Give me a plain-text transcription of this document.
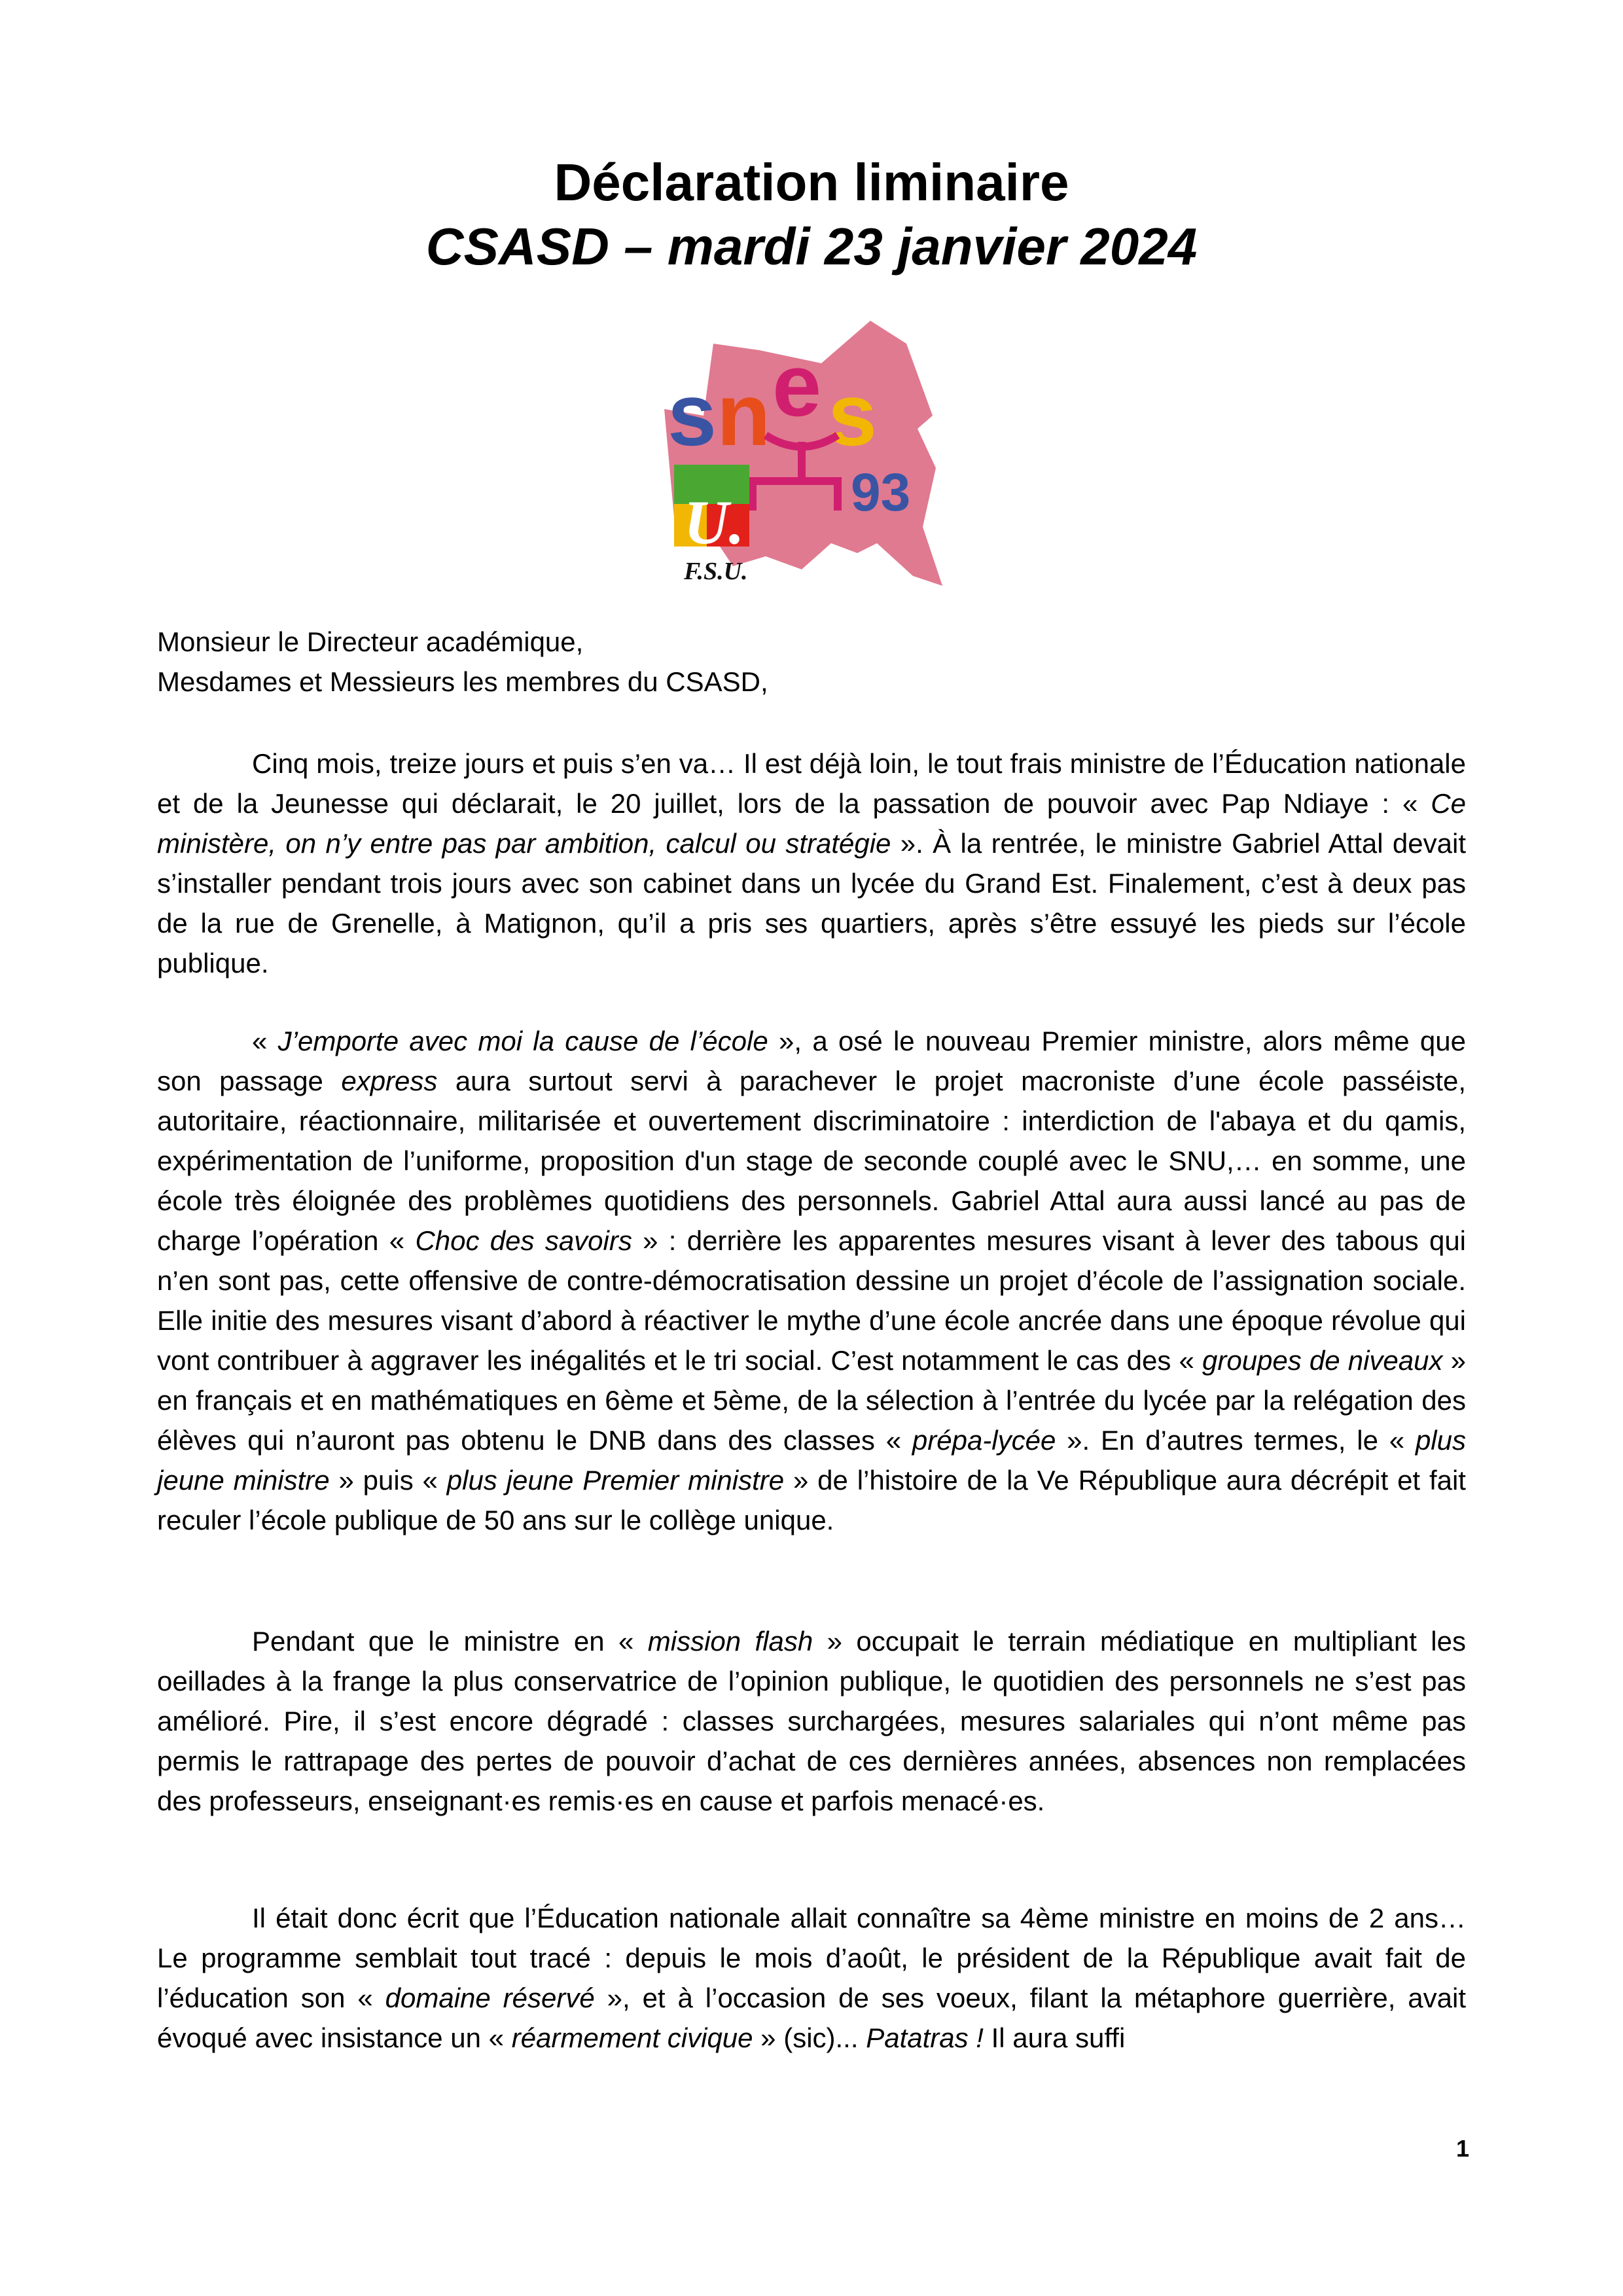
Déclaration liminaire
CSASD – mardi 23 janvier 2024
s n e s
93
U.
F.S.U.
Monsieur le Directeur académique,
Mesdames et Messieurs les membres du CSASD,

Cinq mois, treize jours et puis s’en va… Il est déjà loin, le tout frais ministre de l’Éducation nationale et de la Jeunesse qui déclarait, le 20 juillet, lors de la passation de pouvoir avec Pap Ndiaye : « Ce ministère, on n’y entre pas par ambition, calcul ou stratégie ». À la rentrée, le ministre Gabriel Attal devait s’installer pendant trois jours avec son cabinet dans un lycée du Grand Est. Finalement, c’est à deux pas de la rue de Grenelle, à Matignon, qu’il a pris ses quartiers, après s’être essuyé les pieds sur l’école publique.

« J’emporte avec moi la cause de l’école », a osé le nouveau Premier ministre, alors même que son passage express aura surtout servi à parachever le projet macroniste d’une école passéiste, autoritaire, réactionnaire, militarisée et ouvertement discriminatoire : interdiction de l'abaya et du qamis, expérimentation de l’uniforme, proposition d'un stage de seconde couplé avec le SNU,… en somme, une école très éloignée des problèmes quotidiens des personnels. Gabriel Attal aura aussi lancé au pas de charge l’opération « Choc des savoirs » : derrière les apparentes mesures visant à lever des tabous qui n’en sont pas, cette offensive de contre-démocratisation dessine un projet d’école de l’assignation sociale. Elle initie des mesures visant d’abord à réactiver le mythe d’une école ancrée dans une époque révolue qui vont contribuer à aggraver les inégalités et le tri social. C’est notamment le cas des « groupes de niveaux » en français et en mathématiques en 6ème et 5ème, de la sélection à l’entrée du lycée par la relégation des élèves qui n’auront pas obtenu le DNB dans des classes « prépa-lycée ». En d’autres termes, le « plus jeune ministre » puis « plus jeune Premier ministre » de l’histoire de la Ve République aura décrépit et fait reculer l’école publique de 50 ans sur le collège unique.

Pendant que le ministre en « mission flash » occupait le terrain médiatique en multipliant les oeillades à la frange la plus conservatrice de l’opinion publique, le quotidien des personnels ne s’est pas amélioré. Pire, il s’est encore dégradé : classes surchargées, mesures salariales qui n’ont même pas permis le rattrapage des pertes de pouvoir d’achat de ces dernières années, absences non remplacées des professeurs, enseignant·es remis·es en cause et parfois menacé·es.

Il était donc écrit que l’Éducation nationale allait connaître sa 4ème ministre en moins de 2 ans… Le programme semblait tout tracé : depuis le mois d’août, le président de la République avait fait de l’éducation son « domaine réservé », et à l’occasion de ses voeux, filant la métaphore guerrière, avait évoqué avec insistance un « réarmement civique » (sic)... Patatras ! Il aura suffi

1
